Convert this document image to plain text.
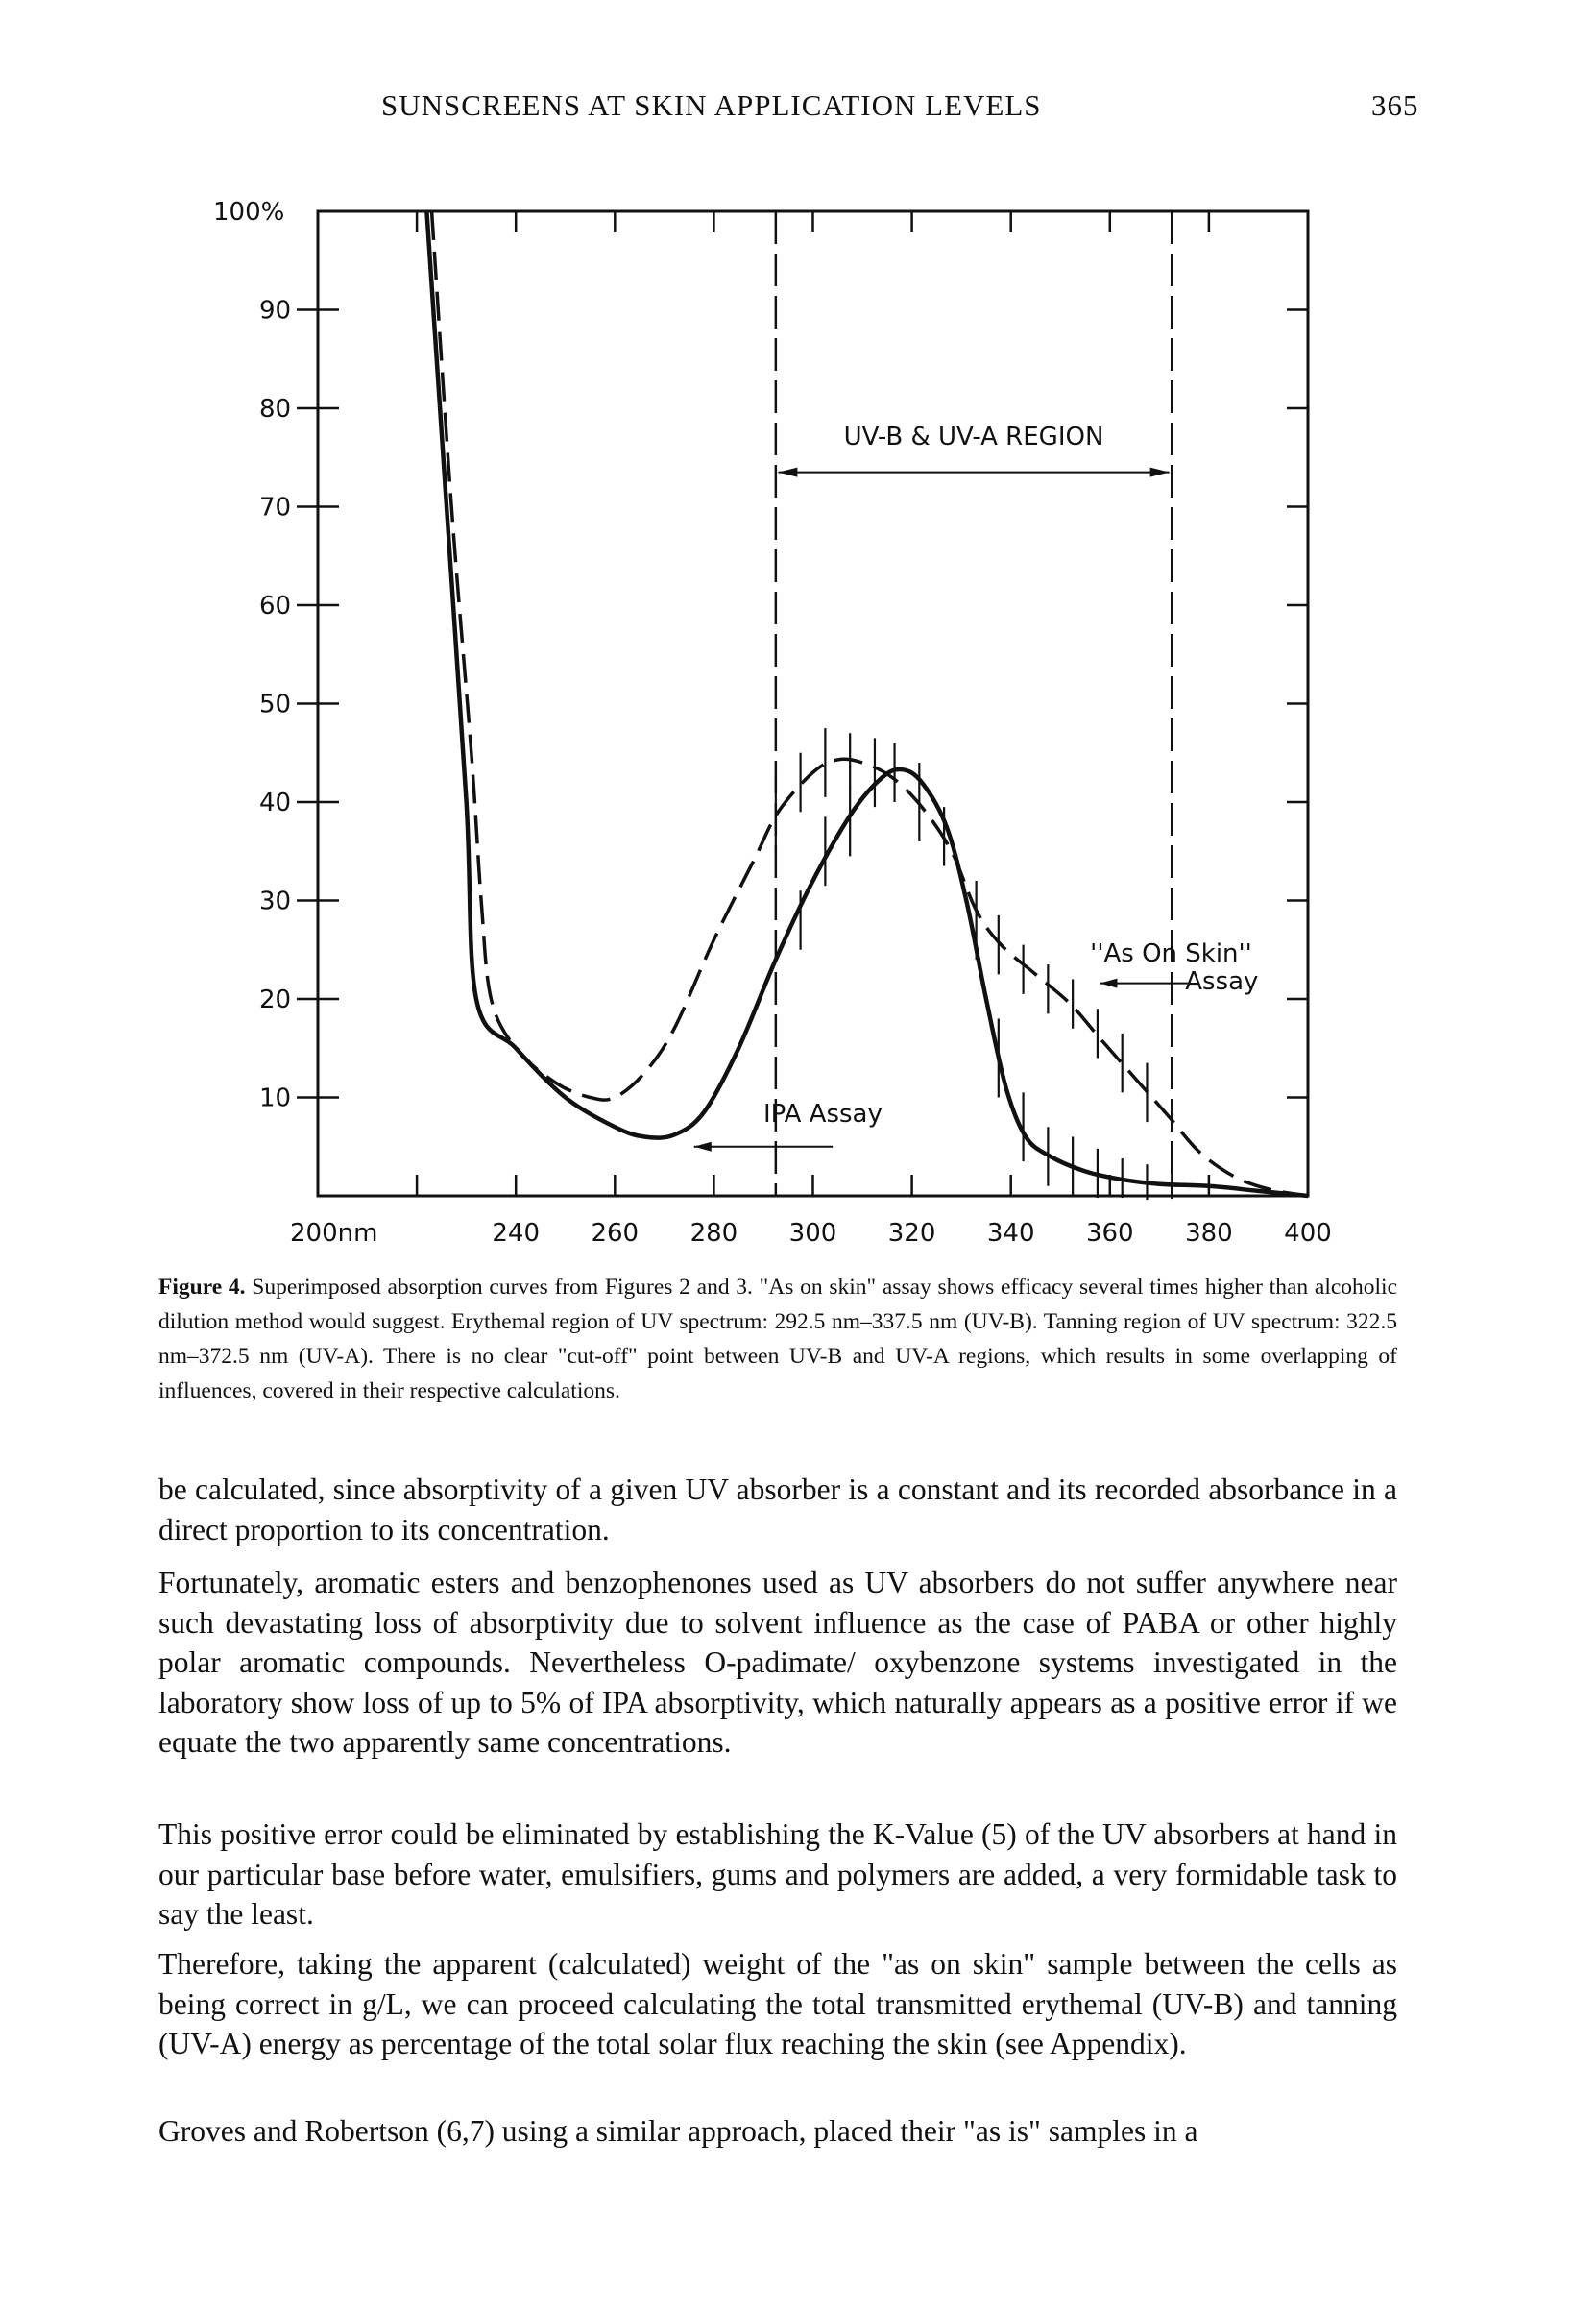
SUNSCREENS AT SKIN APPLICATION LEVELS	365
200nm	240 260 280 300 320 340 360 380 400
100%
90
80
70
60
50
40
30
20
10
UV-B & UV-A REGION
IPA Assay
''As On Skin''
Assay
Figure 4. Superimposed absorption curves from Figures 2 and 3. "As on skin" assay shows efficacy several times higher than alcoholic dilution method would suggest. Erythemal region of UV spectrum: 292.5 nm–337.5 nm (UV-B). Tanning region of UV spectrum: 322.5 nm–372.5 nm (UV-A). There is no clear "cut-off" point between UV-B and UV-A regions, which results in some overlapping of influences, covered in their respective calculations.

be calculated, since absorptivity of a given UV absorber is a constant and its recorded absorbance in a direct proportion to its concentration.

Fortunately, aromatic esters and benzophenones used as UV absorbers do not suffer anywhere near such devastating loss of absorptivity due to solvent influence as the case of PABA or other highly polar aromatic compounds. Nevertheless O-padimate/ oxybenzone systems investigated in the laboratory show loss of up to 5% of IPA absorptivity, which naturally appears as a positive error if we equate the two apparently same concentrations.

This positive error could be eliminated by establishing the K-Value (5) of the UV absorbers at hand in our particular base before water, emulsifiers, gums and polymers are added, a very formidable task to say the least.

Therefore, taking the apparent (calculated) weight of the "as on skin" sample between the cells as being correct in g/L, we can proceed calculating the total transmitted erythemal (UV-B) and tanning (UV-A) energy as percentage of the total solar flux reaching the skin (see Appendix).

Groves and Robertson (6,7) using a similar approach, placed their "as is" samples in a
